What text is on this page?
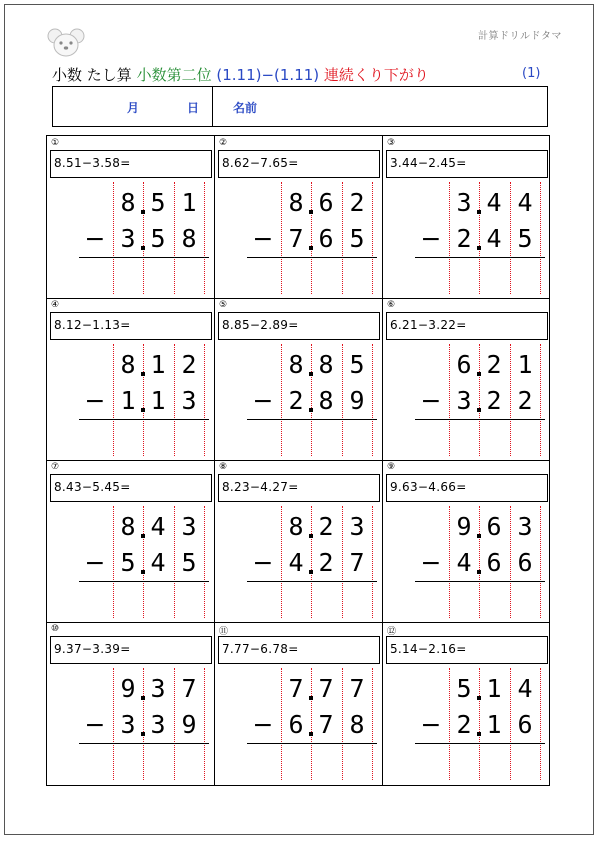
計算ドリルドタマ
小数 たし算 小数第二位 (1.11)−(1.11) 連続くり下がり	(1)
月	日	名前
①
8.51−3.58=
8 5 1
3 5 8
−
②
8.62−7.65=
8 6 2
7 6 5
−
③
3.44−2.45=
3 4 4
2 4 5
−
④
8.12−1.13=
8 1 2
1 1 3
−
⑤
8.85−2.89=
8 8 5
2 8 9
−
⑥
6.21−3.22=
6 2 1
3 2 2
−
⑦
8.43−5.45=
8 4 3
5 4 5
−
⑧
8.23−4.27=
8 2 3
4 2 7
−
⑨
9.63−4.66=
9 6 3
4 6 6
−
⑩
9.37−3.39=
9 3 7
3 3 9
−
⑪
7.77−6.78=
7 7 7
6 7 8
−
⑫
5.14−2.16=
5 1 4
2 1 6
−
